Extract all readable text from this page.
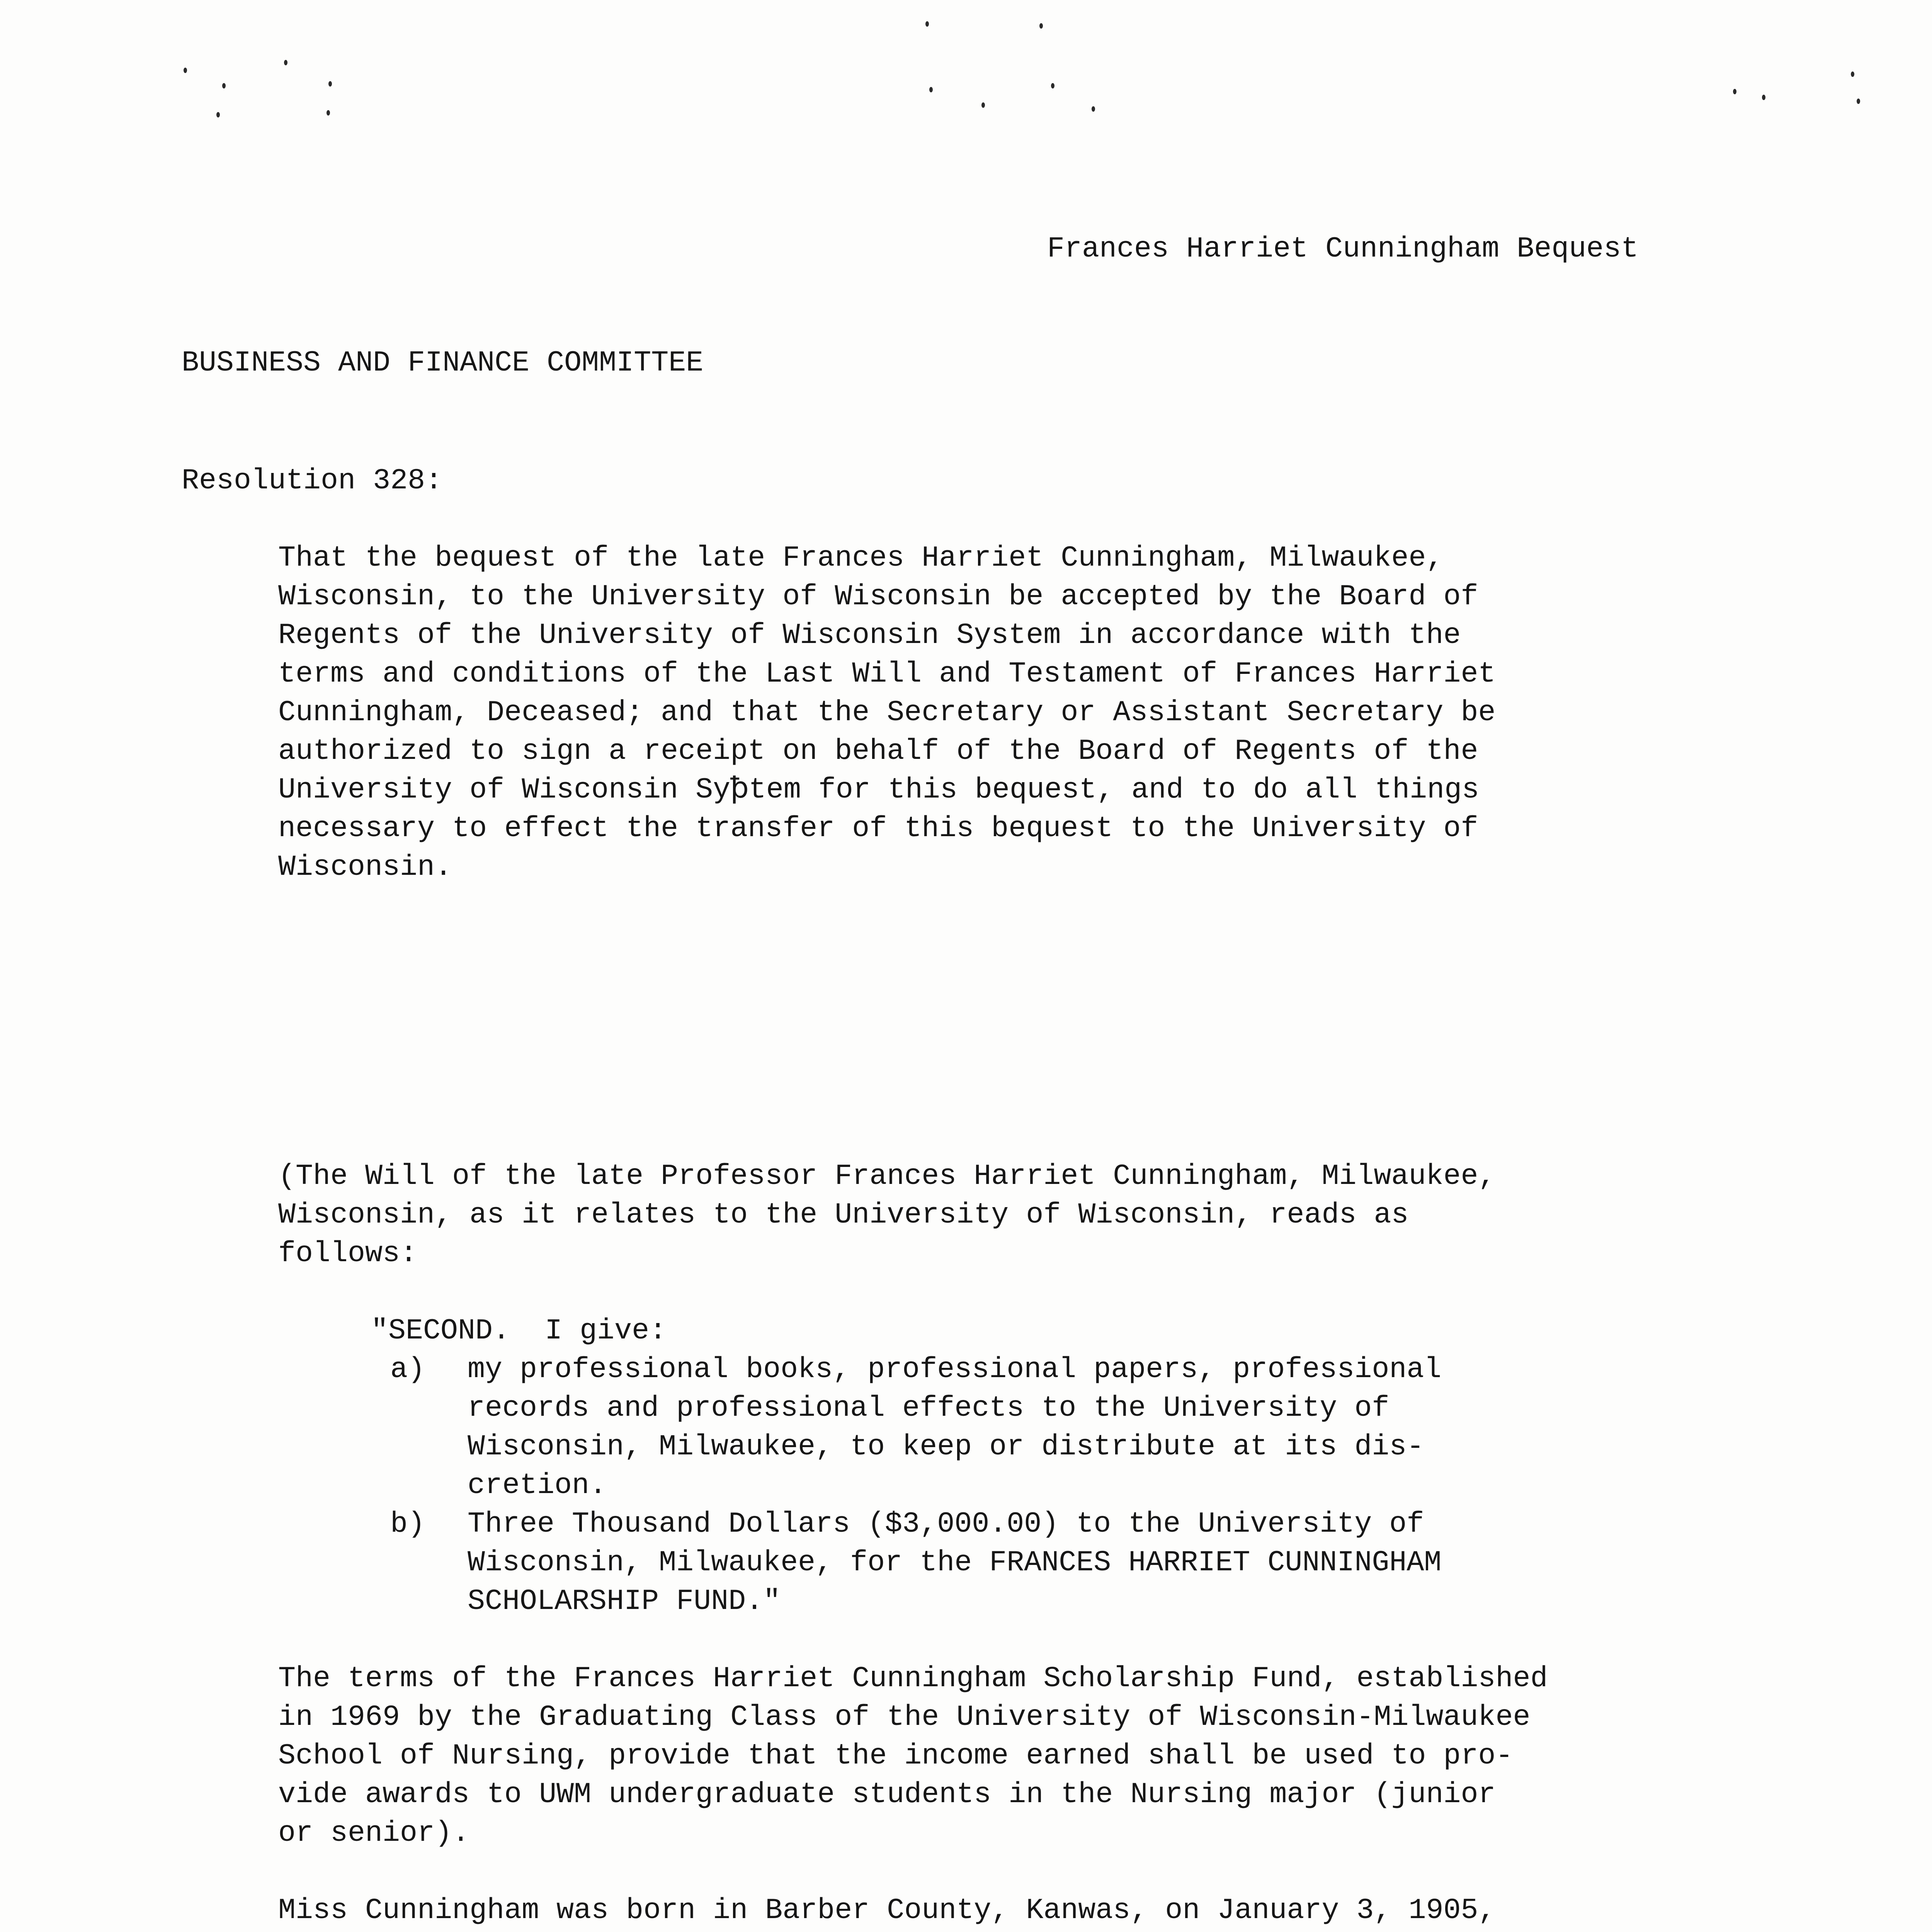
Frances Harriet Cunningham Bequest
BUSINESS AND FINANCE COMMITTEE
Resolution 328:
That the bequest of the late Frances Harriet Cunningham, Milwaukee,
Wisconsin, to the University of Wisconsin be accepted by the Board of
Regents of the University of Wisconsin System in accordance with the
terms and conditions of the Last Will and Testament of Frances Harriet
Cunningham, Deceased; and that the Secretary or Assistant Secretary be
authorized to sign a receipt on behalf of the Board of Regents of the
University of Wisconsin Syꝥtem for this bequest, and to do all things
necessary to effect the transfer of this bequest to the University of
Wisconsin.
(The Will of the late Professor Frances Harriet Cunningham, Milwaukee,
Wisconsin, as it relates to the University of Wisconsin, reads as
follows:
"SECOND.  I give:
a) my professional books, professional papers, professional
records and professional effects to the University of
Wisconsin, Milwaukee, to keep or distribute at its dis-
cretion.
b) Three Thousand Dollars ($3,000.00) to the University of
Wisconsin, Milwaukee, for the FRANCES HARRIET CUNNINGHAM
SCHOLARSHIP FUND."
The terms of the Frances Harriet Cunningham Scholarship Fund, established
in 1969 by the Graduating Class of the University of Wisconsin-Milwaukee
School of Nursing, provide that the income earned shall be used to pro-
vide awards to UWM undergraduate students in the Nursing major (junior
or senior).
Miss Cunningham was born in Barber County, Kanwas, on January 3, 1905,
